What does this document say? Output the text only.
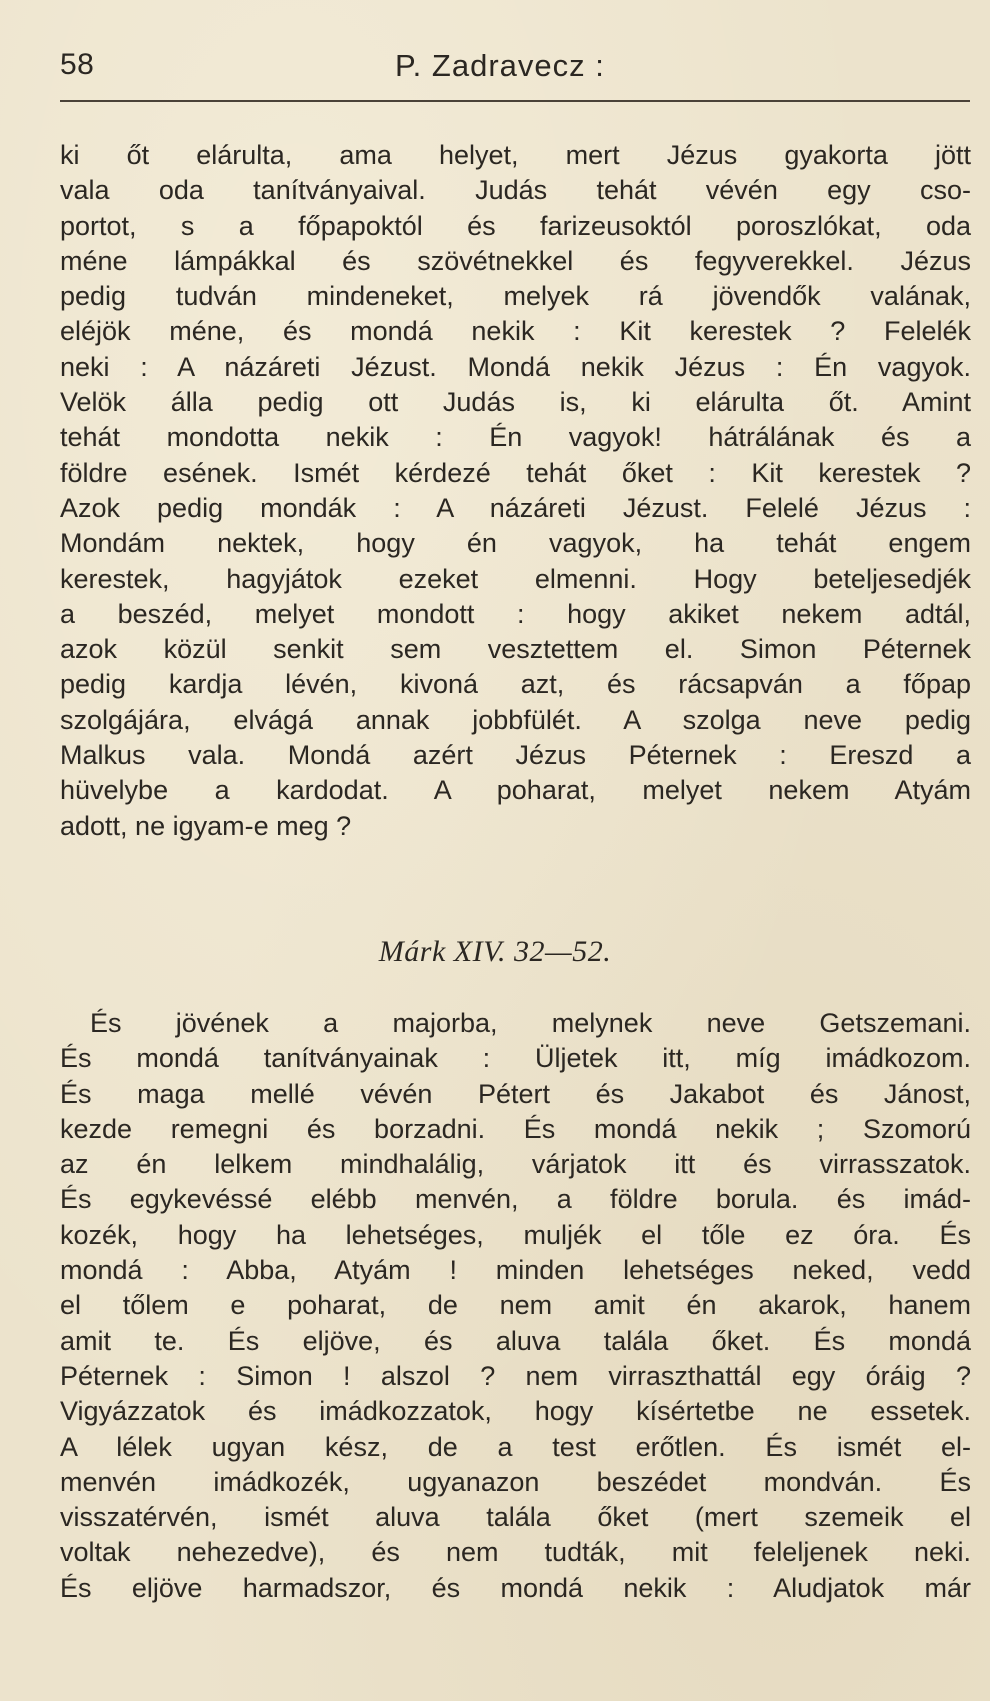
58	P. Zadravecz :
ki őt elárulta, ama helyet, mert Jézus gyakorta jött
vala oda tanítványaival. Judás tehát vévén egy cso-
portot, s a főpapoktól és farizeusoktól poroszlókat, oda
méne lámpákkal és szövétnekkel és fegyverekkel. Jézus
pedig tudván mindeneket, melyek rá jövendők valának,
eléjök méne, és mondá nekik : Kit kerestek ? Felelék
neki : A názáreti Jézust. Mondá nekik Jézus : Én vagyok.
Velök álla pedig ott Judás is, ki elárulta őt. Amint
tehát mondotta nekik : Én vagyok! hátrálának és a
földre esének. Ismét kérdezé tehát őket : Kit kerestek ?
Azok pedig mondák : A názáreti Jézust. Felelé Jézus :
Mondám nektek, hogy én vagyok, ha tehát engem
kerestek, hagyjátok ezeket elmenni. Hogy beteljesedjék
a beszéd, melyet mondott : hogy akiket nekem adtál,
azok közül senkit sem vesztettem el. Simon Péternek
pedig kardja lévén, kivoná azt, és rácsapván a főpap
szolgájára, elvágá annak jobbfülét. A szolga neve pedig
Malkus vala. Mondá azért Jézus Péternek : Ereszd a
hüvelybe a kardodat. A poharat, melyet nekem Atyám
adott, ne igyam-e meg ?
Márk XIV. 32—52.
És jövének a majorba, melynek neve Getszemani.
És mondá tanítványainak : Üljetek itt, míg imádkozom.
És maga mellé vévén Pétert és Jakabot és Jánost,
kezde remegni és borzadni. És mondá nekik ; Szomorú
az én lelkem mindhalálig, várjatok itt és virrasszatok.
És egykevéssé elébb menvén, a földre borula. és imád-
kozék, hogy ha lehetséges, muljék el tőle ez óra. És
mondá : Abba, Atyám ! minden lehetséges neked, vedd
el tőlem e poharat, de nem amit én akarok, hanem
amit te. És eljöve, és aluva talála őket. És mondá
Péternek : Simon ! alszol ? nem virraszthattál egy óráig ?
Vigyázzatok és imádkozzatok, hogy kísértetbe ne essetek.
A lélek ugyan kész, de a test erőtlen. És ismét el-
menvén imádkozék, ugyanazon beszédet mondván. És
visszatérvén, ismét aluva talála őket (mert szemeik el
voltak nehezedve), és nem tudták, mit feleljenek neki.
És eljöve harmadszor, és mondá nekik : Aludjatok már
